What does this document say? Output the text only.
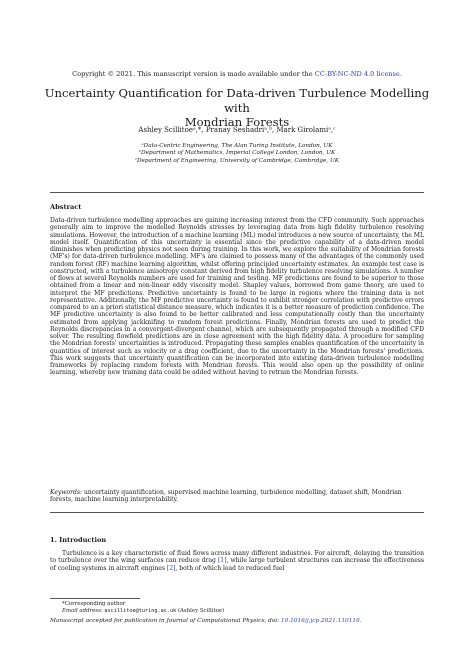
Copyright © 2021. This manuscript version is made available under the CC-BY-NC-ND 4.0 license.
Uncertainty Quantification for Data-driven Turbulence Modelling with
Mondrian Forests
Ashley Scillitoeᵃ,*, Pranay Seshadriᵃ,ᵇ, Mark Girolamiᵃ,ᶜ
ᵃData-Centric Engineering, The Alan Turing Institute, London, UK
ᵇDepartment of Mathematics, Imperial College London, London, UK
ᶜDepartment of Engineering, University of Cambridge, Cambridge, UK
Abstract

Data-driven turbulence modelling approaches are gaining increasing interest from the CFD community. Such approaches generally aim to improve the modelled Reynolds stresses by leveraging data from high fidelity turbulence resolving simulations. However, the introduction of a machine learning (ML) model introduces a new source of uncertainty, the ML model itself. Quantification of this uncertainty is essential since the predictive capability of a data-driven model diminishes when predicting physics not seen during training. In this work, we explore the suitability of Mondrian forests (MF's) for data-driven turbulence modelling. MF's are claimed to possess many of the advantages of the commonly used random forest (RF) machine learning algorithm, whilst offering principled uncertainty estimates. An example test case is constructed, with a turbulence anisotropy constant derived from high fidelity turbulence resolving simulations. A number of flows at several Reynolds numbers are used for training and testing. MF predictions are found to be superior to those obtained from a linear and non-linear eddy viscosity model. Shapley values, borrowed from game theory, are used to interpret the MF predictions. Predictive uncertainty is found to be large in regions where the training data is not representative. Additionally, the MF predictive uncertainty is found to exhibit stronger correlation with predictive errors compared to an a priori statistical distance measure, which indicates it is a better measure of prediction confidence. The MF predictive uncertainty is also found to be better calibrated and less computationally costly than the uncertainty estimated from applying jackknifing to random forest predictions. Finally, Mondrian forests are used to predict the Reynolds discrepancies in a convergent-divergent channel, which are subsequently propagated through a modified CFD solver. The resulting flowfield predictions are in close agreement with the high fidelity data. A procedure for sampling the Mondrian forests' uncertainties is introduced. Propagating these samples enables quantification of the uncertainty in quantities of interest such as velocity or a drag coefficient, due to the uncertainty in the Mondrian forests' predictions. This work suggests that uncertainty quantification can be incorporated into existing data-driven turbulence modelling frameworks by replacing random forests with Mondrian forests. This would also open up the possibility of online learning, whereby new training data could be added without having to retrain the Mondrian forests.

Keywords: uncertainty quantification, supervised machine learning, turbulence modelling, dataset shift, Mondrian forests, machine learning interpretability.
1. Introduction
Turbulence is a key characteristic of fluid flows across many different industries. For aircraft, delaying the transition to turbulence over the wing surfaces can reduce drag [1], while large turbulent structures can increase the effectiveness of cooling systems in aircraft engines [2], both of which lead to reduced fuel
*Corresponding author
Email address: ascillitoe@turing.ac.uk (Ashley Scillitoe)
Manuscript accepted for publication in Journal of Computational Physics, doi: 10.1016/j.jcp.2021.110116.
